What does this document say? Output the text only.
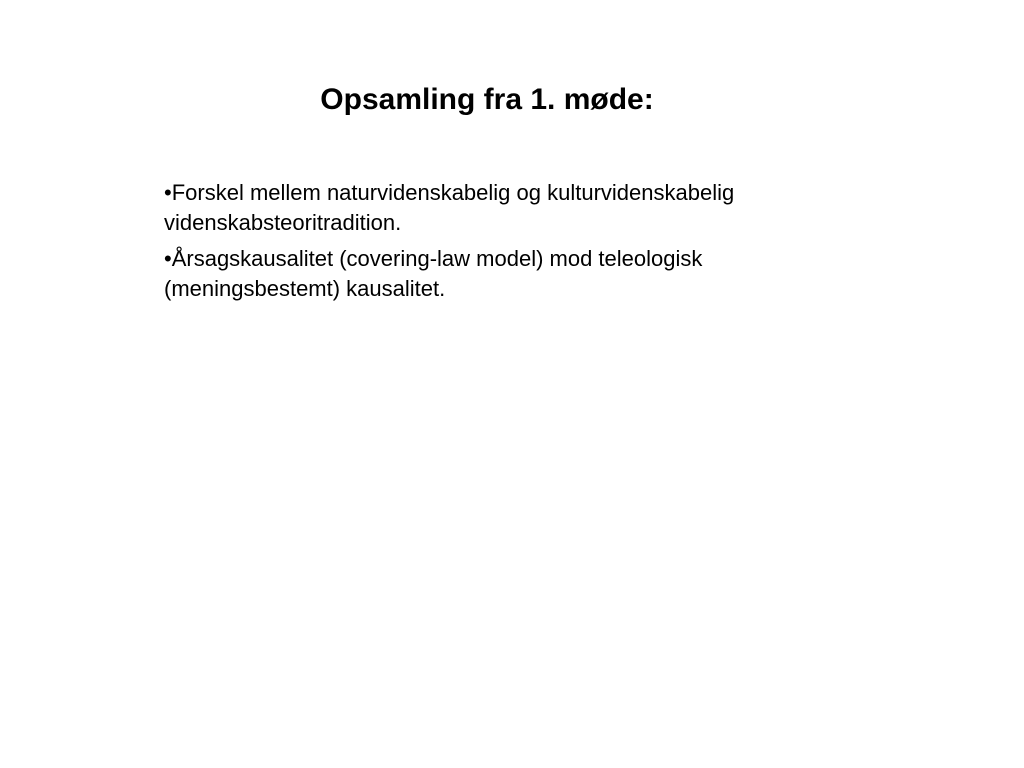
Opsamling fra 1. møde:
•Forskel mellem naturvidenskabelig og kulturvidenskabelig videnskabsteoritradition.
•Årsagskausalitet (covering-law model) mod teleologisk (meningsbestemt) kausalitet.
